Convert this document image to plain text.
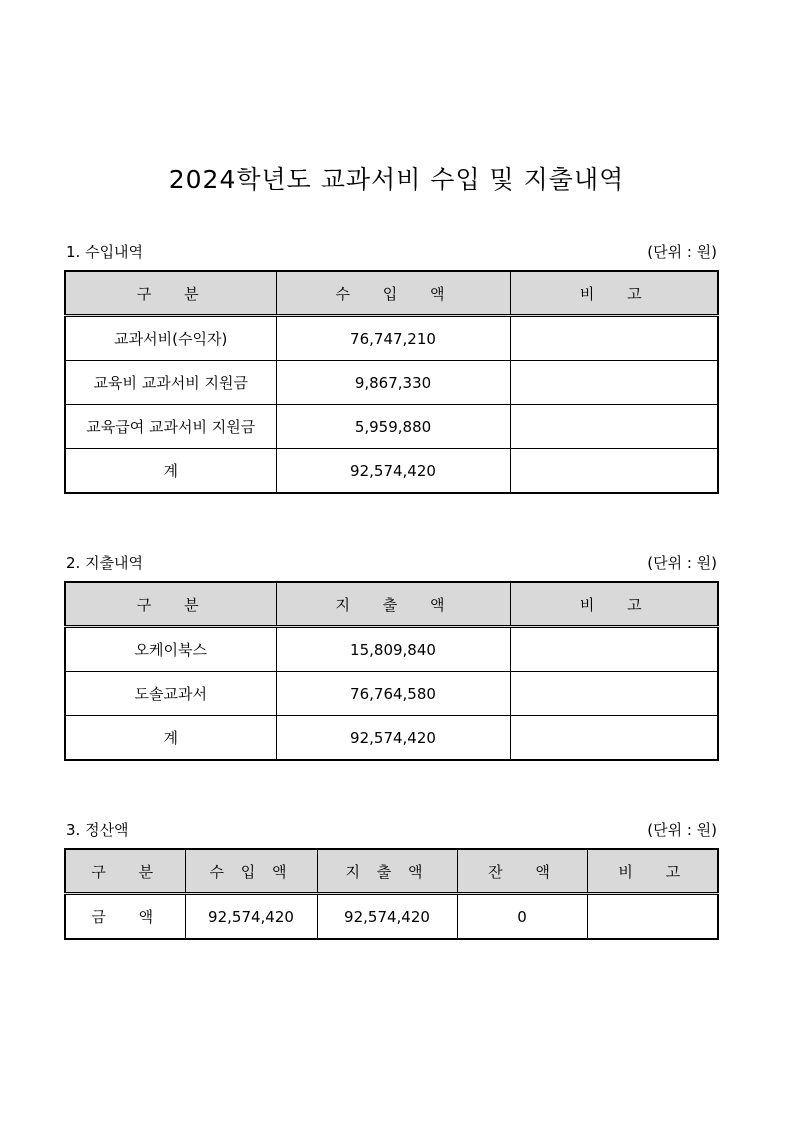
2024학년도 교과서비 수입 및 지출내역
1. 수입내역	(단위 : 원)
구 분	수 입 액	비 고
교과서비(수익자)	76,747,210	
교육비 교과서비 지원금	9,867,330	
교육급여 교과서비 지원금	5,959,880	
계	92,574,420	
2. 지출내역	(단위 : 원)
구 분	지 출 액	비 고
오케이북스	15,809,840	
도솔교과서	76,764,580	
계	92,574,420	
3. 정산액	(단위 : 원)
구 분	수 입 액	지 출 액	잔 액	비 고
금 액	92,574,420	92,574,420	0	
